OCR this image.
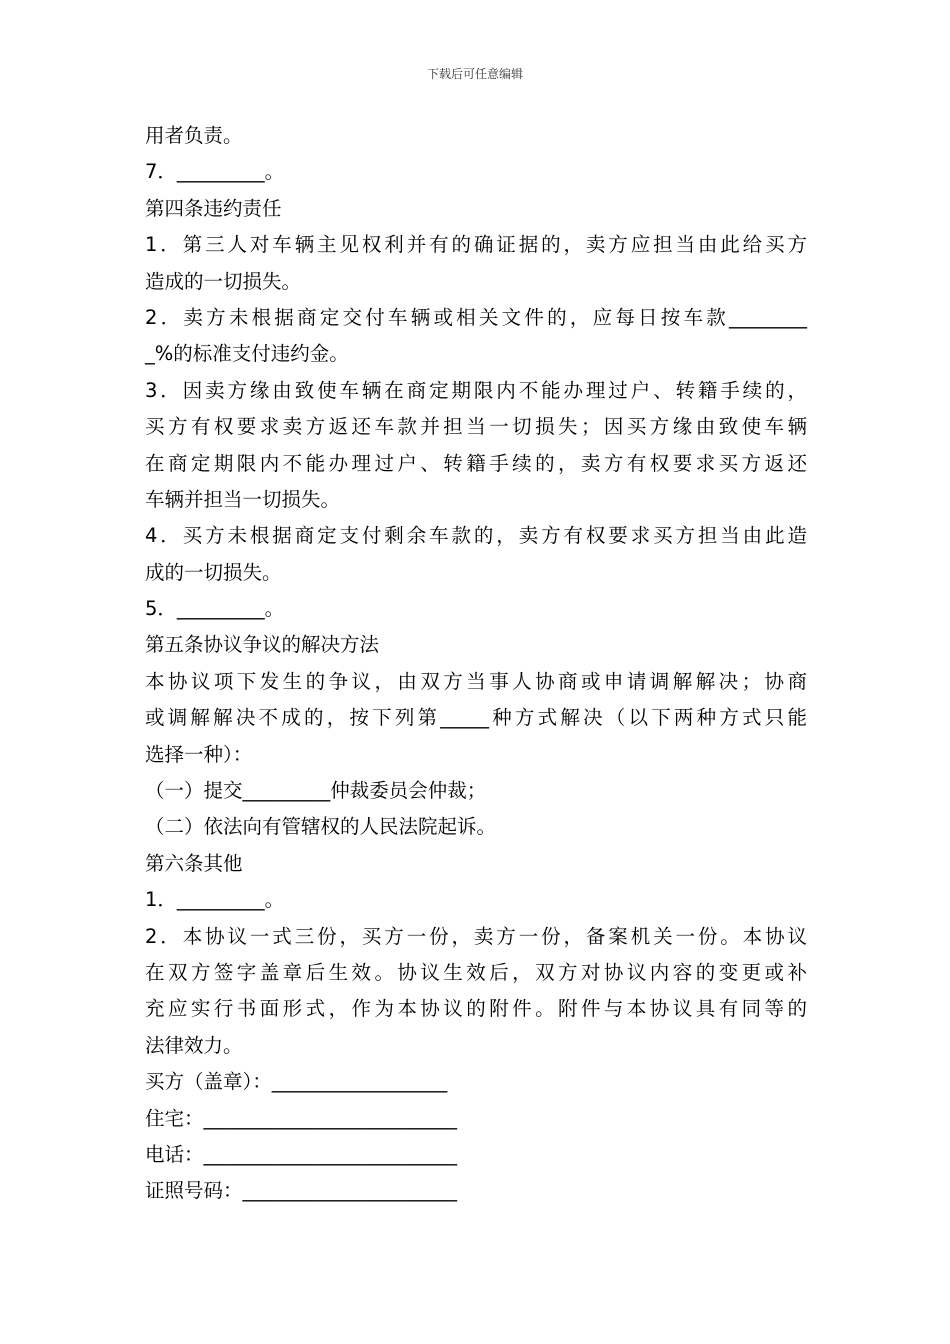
下载后可任意编辑
用者负责。
7．_________。
第四条违约责任
1．第三人对车辆主见权利并有的确证据的，卖方应担当由此给买方
造成的一切损失。
2．卖方未根据商定交付车辆或相关文件的，应每日按车款________
_%的标准支付违约金。
3．因卖方缘由致使车辆在商定期限内不能办理过户、转籍手续的，
买方有权要求卖方返还车款并担当一切损失；因买方缘由致使车辆
在商定期限内不能办理过户、转籍手续的，卖方有权要求买方返还
车辆并担当一切损失。
4．买方未根据商定支付剩余车款的，卖方有权要求买方担当由此造
成的一切损失。
5．_________。
第五条协议争议的解决方法
本协议项下发生的争议，由双方当事人协商或申请调解解决；协商
或调解解决不成的，按下列第_____种方式解决（以下两种方式只能
选择一种）：
（一）提交_________仲裁委员会仲裁；
（二）依法向有管辖权的人民法院起诉。
第六条其他
1．_________。
2．本协议一式三份，买方一份，卖方一份，备案机关一份。本协议
在双方签字盖章后生效。协议生效后，双方对协议内容的变更或补
充应实行书面形式，作为本协议的附件。附件与本协议具有同等的
法律效力。
买方（盖章）：__________________
住宅：__________________________
电话：__________________________
证照号码：______________________
